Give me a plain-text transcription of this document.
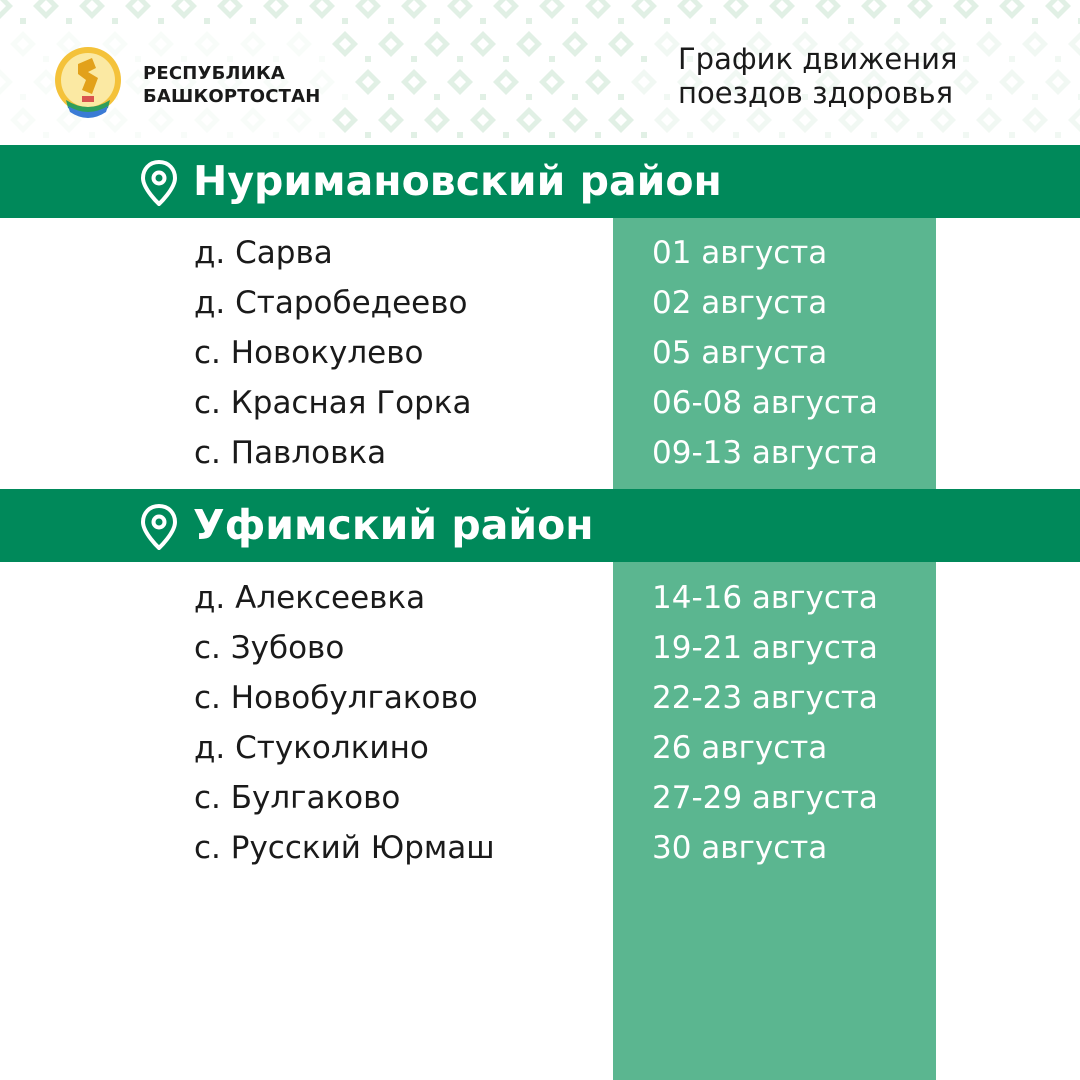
РЕСПУБЛИКА
БАШКОРТОСТАН
График движения
поездов здоровья
Нуримановский район
д. Сарва	01 августа
д. Старобедеево	02 августа
с. Новокулево	05 августа
с. Красная Горка	06-08 августа
с. Павловка	09-13 августа
Уфимский район
д. Алексеевка	14-16 августа
с. Зубово	19-21 августа
с. Новобулгаково	22-23 августа
д. Стуколкино	26 августа
с. Булгаково	27-29 августа
с. Русский Юрмаш	30 августа
